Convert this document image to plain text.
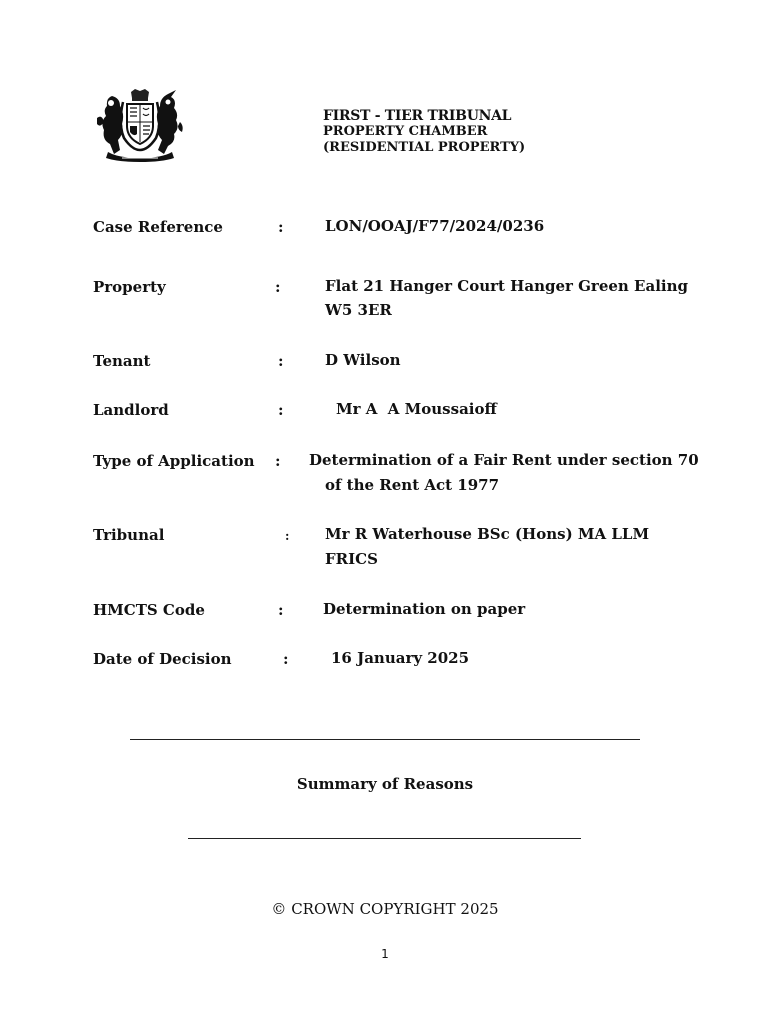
FIRST - TIER TRIBUNAL
PROPERTY CHAMBER
(RESIDENTIAL PROPERTY)
Case Reference	:	LON/OOAJ/F77/2024/0236
Property	:	Flat 21 Hanger Court Hanger Green Ealing
W5 3ER
Tenant	:	D Wilson
Landlord	:	Mr A  A Moussaioff
Type of Application : Determination of a Fair Rent under section 70
of the Rent Act 1977
Tribunal	: Mr R Waterhouse BSc (Hons) MA LLM
FRICS
HMCTS Code	:	Determination on paper
Date of Decision	:	16 January 2025
Summary of Reasons
© CROWN COPYRIGHT 2025
1
